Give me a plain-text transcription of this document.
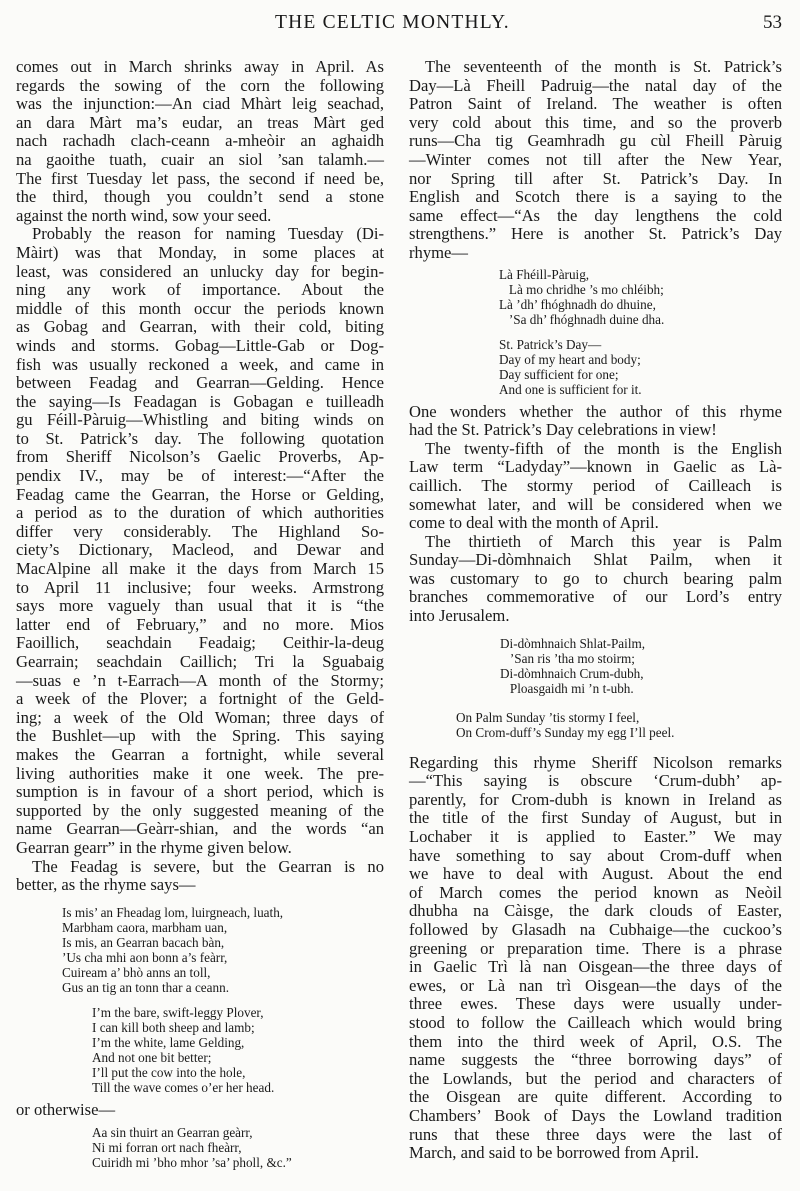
THE CELTIC MONTHLY.	53
comes out in March shrinks away in April. As
regards the sowing of the corn the following
was the injunction:—An ciad Mhàrt leig seachad,
an dara Màrt ma’s eudar, an treas Màrt ged
nach rachadh clach-ceann a-mheòir an aghaidh
na gaoithe tuath, cuair an siol ’san talamh.—
The first Tuesday let pass, the second if need be,
the third, though you couldn’t send a stone
against the north wind, sow your seed.
Probably the reason for naming Tuesday (Di-
Màirt) was that Monday, in some places at
least, was considered an unlucky day for begin-
ning any work of importance. About the
middle of this month occur the periods known
as Gobag and Gearran, with their cold, biting
winds and storms. Gobag—Little-Gab or Dog-
fish was usually reckoned a week, and came in
between Feadag and Gearran—Gelding. Hence
the saying—Is Feadagan is Gobagan e tuilleadh
gu Féill-Pàruig—Whistling and biting winds on
to St. Patrick’s day. The following quotation
from Sheriff Nicolson’s Gaelic Proverbs, Ap-
pendix IV., may be of interest:—“After the
Feadag came the Gearran, the Horse or Gelding,
a period as to the duration of which authorities
differ very considerably. The Highland So-
ciety’s Dictionary, Macleod, and Dewar and
MacAlpine all make it the days from March 15
to April 11 inclusive; four weeks. Armstrong
says more vaguely than usual that it is “the
latter end of February,” and no more. Mios
Faoillich, seachdain Feadaig; Ceithir-la-deug
Gearrain; seachdain Caillich; Tri la Sguabaig
—suas e ’n t-Earrach—A month of the Stormy;
a week of the Plover; a fortnight of the Geld-
ing; a week of the Old Woman; three days of
the Bushlet—up with the Spring. This saying
makes the Gearran a fortnight, while several
living authorities make it one week. The pre-
sumption is in favour of a short period, which is
supported by the only suggested meaning of the
name Gearran—Geàrr-shian, and the words “an
Gearran gearr” in the rhyme given below.
The Feadag is severe, but the Gearran is no
better, as the rhyme says—
Is mis’ an Fheadag lom, luirgneach, luath,
Marbham caora, marbham uan,
Is mis, an Gearran bacach bàn,
’Us cha mhi aon bonn a’s feàrr,
Cuiream a’ bhò anns an toll,
Gus an tig an tonn thar a ceann.
I’m the bare, swift-leggy Plover,
I can kill both sheep and lamb;
I’m the white, lame Gelding,
And not one bit better;
I’ll put the cow into the hole,
Till the wave comes o’er her head.
or otherwise—
Aa sin thuirt an Gearran geàrr,
Ni mi forran ort nach fheàrr,
Cuiridh mi ’bho mhor ’sa’ pholl, &c.”
The seventeenth of the month is St. Patrick’s
Day—Là Fheill Padruig—the natal day of the
Patron Saint of Ireland. The weather is often
very cold about this time, and so the proverb
runs—Cha tig Geamhradh gu cùl Fheill Pàruig
—Winter comes not till after the New Year,
nor Spring till after St. Patrick’s Day. In
English and Scotch there is a saying to the
same effect—“As the day lengthens the cold
strengthens.” Here is another St. Patrick’s Day
rhyme—
Là Fhéill-Pàruig,
Là mo chridhe ’s mo chléibh;
Là ’dh’ fhóghnadh do dhuine,
’Sa dh’ fhóghnadh duine dha.
St. Patrick’s Day—
Day of my heart and body;
Day sufficient for one;
And one is sufficient for it.
One wonders whether the author of this rhyme
had the St. Patrick’s Day celebrations in view!
The twenty-fifth of the month is the English
Law term “Ladyday”—known in Gaelic as Là-
caillich. The stormy period of Cailleach is
somewhat later, and will be considered when we
come to deal with the month of April.
The thirtieth of March this year is Palm
Sunday—Di-dòmhnaich Shlat Pailm, when it
was customary to go to church bearing palm
branches commemorative of our Lord’s entry
into Jerusalem.
Di-dòmhnaich Shlat-Pailm,
’San ris ’tha mo stoirm;
Di-dòmhnaich Crum-dubh,
Ploasgaidh mi ’n t-ubh.
On Palm Sunday ’tis stormy I feel,
On Crom-duff’s Sunday my egg I’ll peel.
Regarding this rhyme Sheriff Nicolson remarks
—“This saying is obscure ‘Crum-dubh’ ap-
parently, for Crom-dubh is known in Ireland as
the title of the first Sunday of August, but in
Lochaber it is applied to Easter.” We may
have something to say about Crom-duff when
we have to deal with August. About the end
of March comes the period known as Neòil
dhubha na Càisge, the dark clouds of Easter,
followed by Glasadh na Cubhaige—the cuckoo’s
greening or preparation time. There is a phrase
in Gaelic Trì là nan Oisgean—the three days of
ewes, or Là nan trì Oisgean—the days of the
three ewes. These days were usually under-
stood to follow the Cailleach which would bring
them into the third week of April, O.S. The
name suggests the “three borrowing days” of
the Lowlands, but the period and characters of
the Oisgean are quite different. According to
Chambers’ Book of Days the Lowland tradition
runs that these three days were the last of
March, and said to be borrowed from April.
